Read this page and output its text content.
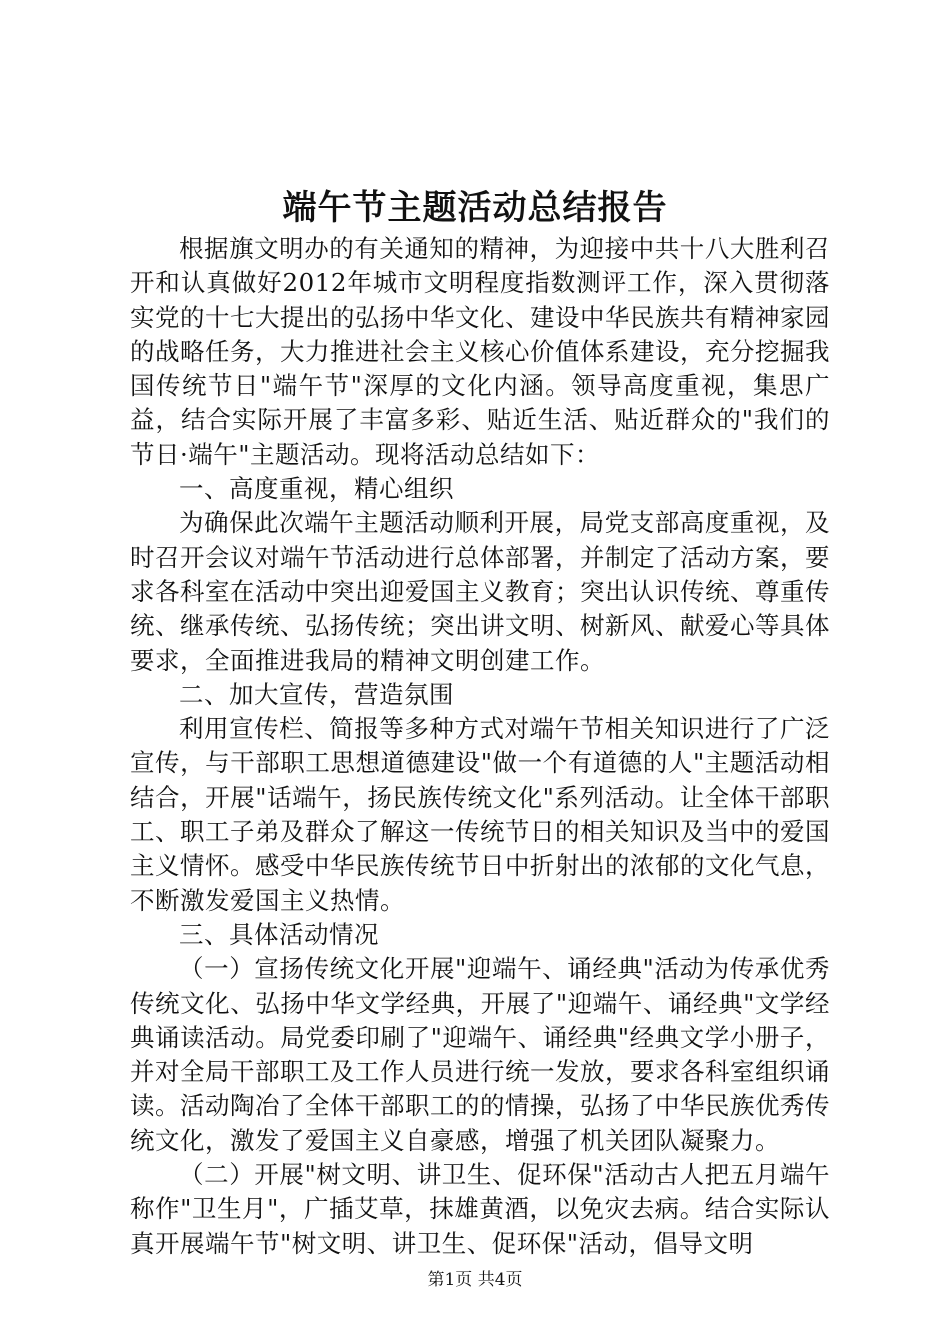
端午节主题活动总结报告

根据旗文明办的有关通知的精神，为迎接中共十八大胜利召开和认真做好2012年城市文明程度指数测评工作，深入贯彻落实党的十七大提出的弘扬中华文化、建设中华民族共有精神家园的战略任务，大力推进社会主义核心价值体系建设，充分挖掘我国传统节日"端午节"深厚的文化内涵。领导高度重视，集思广益，结合实际开展了丰富多彩、贴近生活、贴近群众的"我们的节日·端午"主题活动。现将活动总结如下：

一、高度重视，精心组织

为确保此次端午主题活动顺利开展，局党支部高度重视，及时召开会议对端午节活动进行总体部署，并制定了活动方案，要求各科室在活动中突出迎爱国主义教育；突出认识传统、尊重传统、继承传统、弘扬传统；突出讲文明、树新风、献爱心等具体要求，全面推进我局的精神文明创建工作。

二、加大宣传，营造氛围

利用宣传栏、简报等多种方式对端午节相关知识进行了广泛宣传，与干部职工思想道德建设"做一个有道德的人"主题活动相结合，开展"话端午，扬民族传统文化"系列活动。让全体干部职工、职工子弟及群众了解这一传统节日的相关知识及当中的爱国主义情怀。感受中华民族传统节日中折射出的浓郁的文化气息，不断激发爱国主义热情。

三、具体活动情况

（一）宣扬传统文化开展"迎端午、诵经典"活动为传承优秀传统文化、弘扬中华文学经典，开展了"迎端午、诵经典"文学经典诵读活动。局党委印刷了"迎端午、诵经典"经典文学小册子，并对全局干部职工及工作人员进行统一发放，要求各科室组织诵读。活动陶冶了全体干部职工的的情操，弘扬了中华民族优秀传统文化，激发了爱国主义自豪感，增强了机关团队凝聚力。

（二）开展"树文明、讲卫生、促环保"活动古人把五月端午称作"卫生月"，广插艾草，抹雄黄酒，以免灾去病。结合实际认真开展端午节"树文明、讲卫生、促环保"活动，倡导文明

第1页 共4页
